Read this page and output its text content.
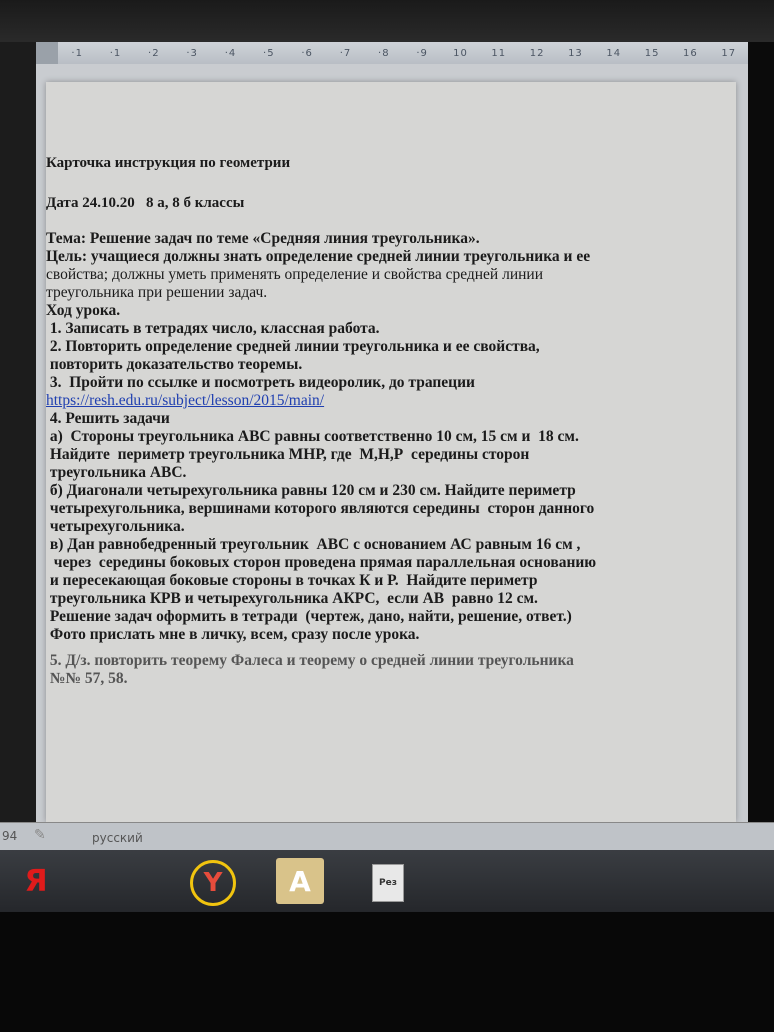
·1	·1	·2	·3	·4	·5	·6	·7	·8	·9	10	11	12	13	14	15	16	17
Карточка инструкция по геометрии
Дата 24.10.20   8 а, 8 б классы
Тема: Решение задач по теме «Средняя линия треугольника».
Цель: учащиеся должны знать определение средней линии треугольника и ее
свойства; должны уметь применять определение и свойства средней линии
треугольника при решении задач.
Ход урока.
1. Записать в тетрадях число, классная работа.
2. Повторить определение средней линии треугольника и ее свойства,
повторить доказательство теоремы.
3.  Пройти по ссылке и посмотреть видеоролик, до трапеции
https://resh.edu.ru/subject/lesson/2015/main/
4. Решить задачи
а)  Стороны треугольника АВС равны соответственно 10 см, 15 см и  18 см.
Найдите  периметр треугольника МНР, где  М,Н,Р  середины сторон
треугольника АВС.
б) Диагонали четырехугольника равны 120 см и 230 см. Найдите периметр
четырехугольника, вершинами которого являются середины  сторон данного
четырехугольника.
в) Дан равнобедренный треугольник  АВС с основанием АС равным 16 см ,
через  середины боковых сторон проведена прямая параллельная основанию
и пересекающая боковые стороны в точках К и Р.  Найдите периметр
треугольника КРВ и четырехугольника АКРС,  если АВ  равно 12 см.
Решение задач оформить в тетради  (чертеж, дано, найти, решение, ответ.)
Фото прислать мне в личку, всем, сразу после урока.
5. Д/з. повторить теорему Фалеса и теорему о средней линии треугольника
№№ 57, 58.
94 ✎	русский
Я	Y	A	Рез
